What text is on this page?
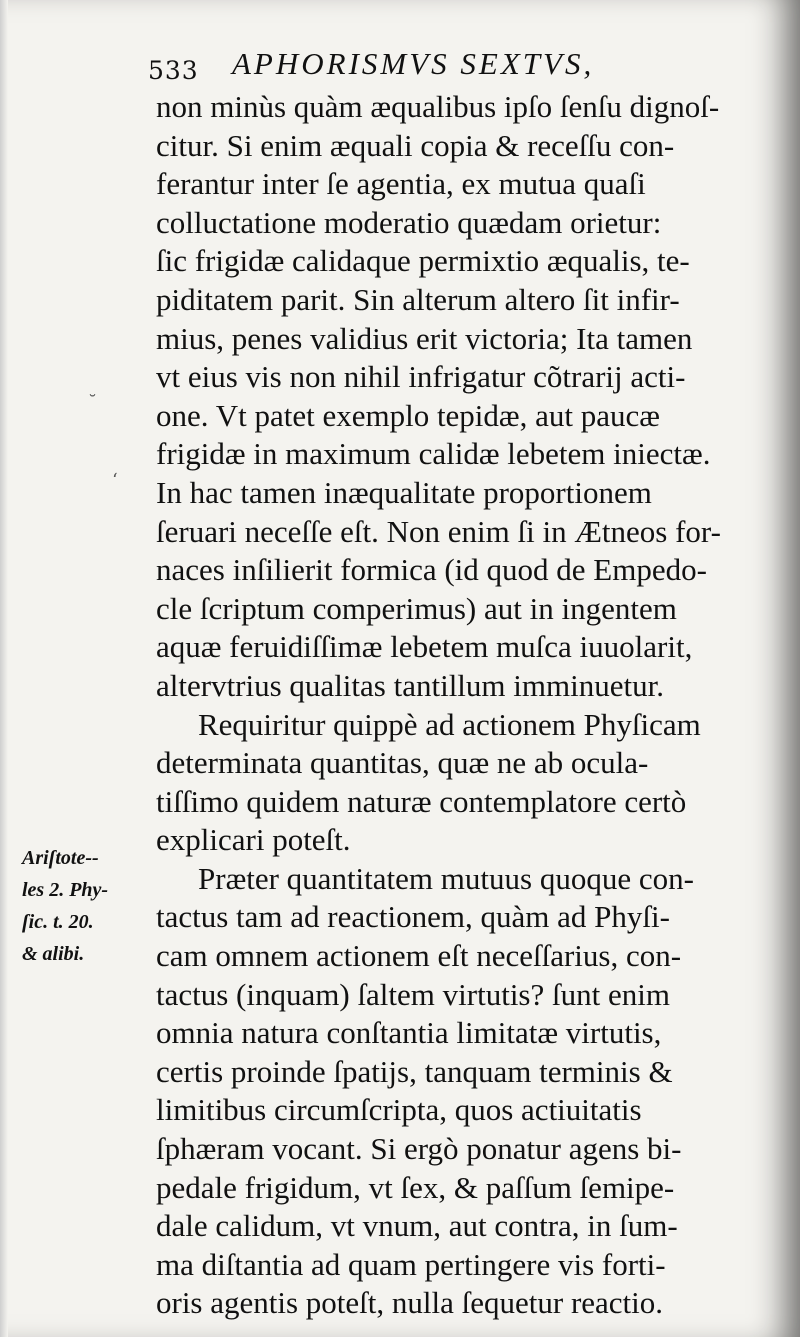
533 APHORISMVS SEXTVS,

non minùs quàm æqualibus ipſo ſenſu dignoſ-
citur. Si enim æquali copia & receſſu con-
ferantur inter ſe agentia, ex mutua quaſi
colluctatione moderatio quædam orietur:
ſic frigidæ calidaque permixtio æqualis, te-
piditatem parit. Sin alterum altero ſit infir-
mius, penes validius erit victoria; Ita tamen
vt eius vis non nihil infrigatur cõtrarij acti-
one. Vt patet exemplo tepidæ, aut paucæ
frigidæ in maximum calidæ lebetem iniectæ.
In hac tamen inæqualitate proportionem
ſeruari neceſſe eſt. Non enim ſi in Ætneos for-
naces inſilierit formica (id quod de Empedo-
cle ſcriptum comperimus) aut in ingentem
aquæ feruidiſſimæ lebetem muſca iuuolarit,
altervtrius qualitas tantillum imminuetur.

Requiritur quippè ad actionem Phyſicam
determinata quantitas, quæ ne ab ocula-
tiſſimo quidem naturæ contemplatore certò
explicari poteſt.

Præter quantitatem mutuus quoque con-
tactus tam ad reactionem, quàm ad Phyſi-
cam omnem actionem eſt neceſſarius, con-
tactus (inquam) ſaltem virtutis? ſunt enim
omnia natura conſtantia limitatæ virtutis,
certis proinde ſpatijs, tanquam terminis &
limitibus circumſcripta, quos actiuitatis
ſphæram vocant. Si ergò ponatur agens bi-
pedale frigidum, vt ſex, & paſſum ſemipe-
dale calidum, vt vnum, aut contra, in ſum-
ma diſtantia ad quam pertingere vis forti-
oris agentis poteſt, nulla ſequetur reactio.

Ariſtote--
les 2. Phy-
ſic. t. 20.
& alibi.
‘
˘
